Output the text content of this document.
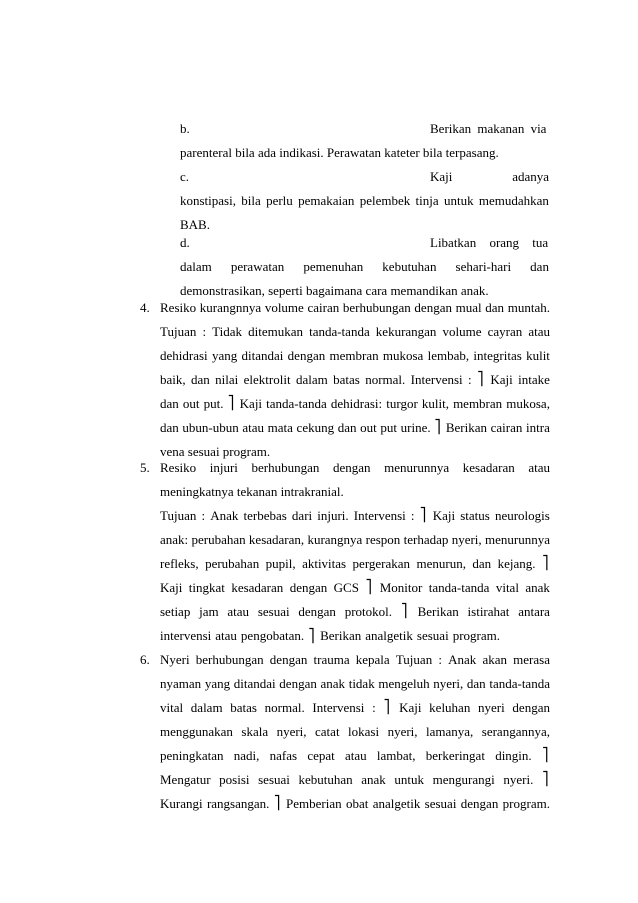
b.	Berikan makanan via
parenteral bila ada indikasi. Perawatan kateter bila terpasang.
c.	Kaji	adanya
konstipasi, bila perlu pemakaian pelembek tinja untuk memudahkan
BAB.
d.	Libatkan orang tua
dalam perawatan pemenuhan kebutuhan sehari-hari dan
demonstrasikan, seperti bagaimana cara memandikan anak.
4. Resiko kurangnnya volume cairan berhubungan dengan mual dan muntah.
Tujuan : Tidak ditemukan tanda-tanda kekurangan volume cayran atau
dehidrasi yang ditandai dengan membran mukosa lembab, integritas kulit
baik, dan nilai elektrolit dalam batas normal. Intervensi : ⎤ Kaji intake
dan out put. ⎤ Kaji tanda-tanda dehidrasi: turgor kulit, membran mukosa,
dan ubun-ubun atau mata cekung dan out put urine. ⎤ Berikan cairan intra
vena sesuai program.
5. Resiko injuri berhubungan dengan menurunnya kesadaran atau
meningkatnya tekanan intrakranial.
Tujuan : Anak terbebas dari injuri. Intervensi : ⎤ Kaji status neurologis
anak: perubahan kesadaran, kurangnya respon terhadap nyeri, menurunnya
refleks, perubahan pupil, aktivitas pergerakan menurun, dan kejang. ⎤
Kaji tingkat kesadaran dengan GCS ⎤ Monitor tanda-tanda vital anak
setiap jam atau sesuai dengan protokol. ⎤ Berikan istirahat antara
intervensi atau pengobatan. ⎤ Berikan analgetik sesuai program.
6. Nyeri berhubungan dengan trauma kepala Tujuan : Anak akan merasa
nyaman yang ditandai dengan anak tidak mengeluh nyeri, dan tanda-tanda
vital dalam batas normal. Intervensi : ⎤ Kaji keluhan nyeri dengan
menggunakan skala nyeri, catat lokasi nyeri, lamanya, serangannya,
peningkatan nadi, nafas cepat atau lambat, berkeringat dingin. ⎤
Mengatur posisi sesuai kebutuhan anak untuk mengurangi nyeri. ⎤
Kurangi rangsangan. ⎤ Pemberian obat analgetik sesuai dengan program.
